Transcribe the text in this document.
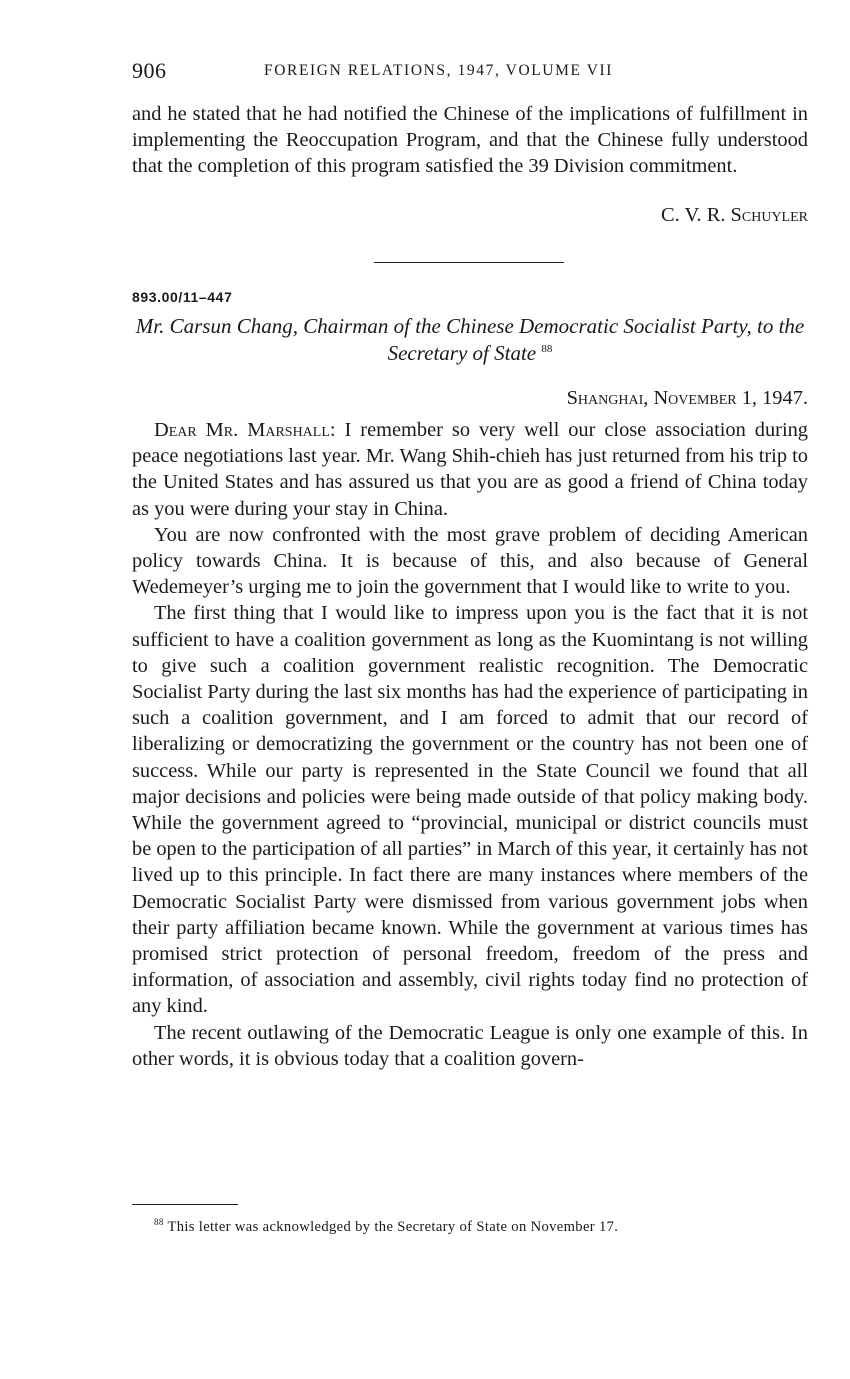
906	FOREIGN RELATIONS, 1947, VOLUME VII

and he stated that he had notified the Chinese of the implications of fulfillment in implementing the Reoccupation Program, and that the Chinese fully understood that the completion of this program satisfied the 39 Division commitment.

C. V. R. Schuyler
893.00/11–447
Mr. Carsun Chang, Chairman of the Chinese Democratic Socialist Party, to the Secretary of State $^{88}$
Shanghai, November 1, 1947.

Dear Mr. Marshall: I remember so very well our close association during peace negotiations last year. Mr. Wang Shih-chieh has just returned from his trip to the United States and has assured us that you are as good a friend of China today as you were during your stay in China.

You are now confronted with the most grave problem of deciding American policy towards China. It is because of this, and also because of General Wedemeyer’s urging me to join the government that I would like to write to you.

The first thing that I would like to impress upon you is the fact that it is not sufficient to have a coalition government as long as the Kuomintang is not willing to give such a coalition government realistic recognition. The Democratic Socialist Party during the last six months has had the experience of participating in such a coalition government, and I am forced to admit that our record of liberalizing or democratizing the government or the country has not been one of success. While our party is represented in the State Council we found that all major decisions and policies were being made outside of that policy making body. While the government agreed to “provincial, municipal or district councils must be open to the participation of all parties” in March of this year, it certainly has not lived up to this principle. In fact there are many instances where members of the Democratic Socialist Party were dismissed from various government jobs when their party affiliation became known. While the government at various times has promised strict protection of personal freedom, freedom of the press and information, of association and assembly, civil rights today find no protection of any kind.

The recent outlawing of the Democratic League is only one example of this. In other words, it is obvious today that a coalition govern-

$^{88}$ This letter was acknowledged by the Secretary of State on November 17.
